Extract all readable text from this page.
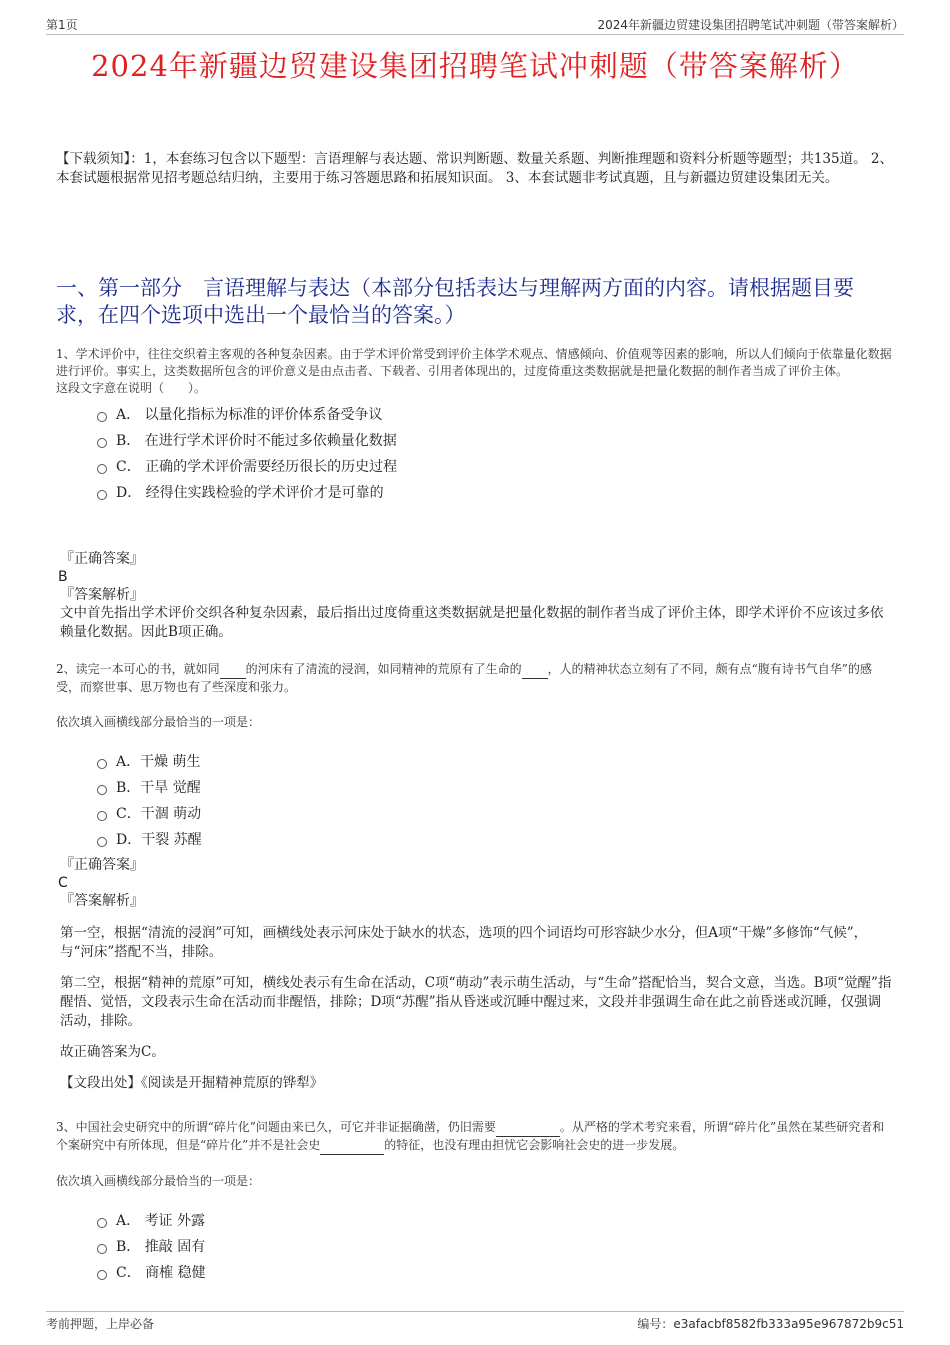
第1页	2024年新疆边贸建设集团招聘笔试冲刺题（带答案解析）
2024年新疆边贸建设集团招聘笔试冲刺题（带答案解析）
【下载须知】：1，本套练习包含以下题型：言语理解与表达题、常识判断题、数量关系题、判断推理题和资料分析题等题型；共135道。 2、本套试题根据常见招考题总结归纳，主要用于练习答题思路和拓展知识面。 3、本套试题非考试真题，且与新疆边贸建设集团无关。
一、第一部分　言语理解与表达（本部分包括表达与理解两方面的内容。请根据题目要求，在四个选项中选出一个最恰当的答案。）
1、学术评价中，往往交织着主客观的各种复杂因素。由于学术评价常受到评价主体学术观点、情感倾向、价值观等因素的影响，所以人们倾向于依靠量化数据进行评价。事实上，这类数据所包含的评价意义是由点击者、下载者、引用者体现出的，过度倚重这类数据就是把量化数据的制作者当成了评价主体。
这段文字意在说明（　　）。
A． 以量化指标为标准的评价体系备受争议
B． 在进行学术评价时不能过多依赖量化数据
C． 正确的学术评价需要经历很长的历史过程
D． 经得住实践检验的学术评价才是可靠的
『正确答案』
B
『答案解析』
文中首先指出学术评价交织各种复杂因素，最后指出过度倚重这类数据就是把量化数据的制作者当成了评价主体，即学术评价不应该过多依赖量化数据。因此B项正确。
2、读完一本可心的书，就如同 的河床有了清流的浸润，如同精神的荒原有了生命的 ，人的精神状态立刻有了不同，颇有点“腹有诗书气自华”的感受，而察世事、思万物也有了些深度和张力。
依次填入画横线部分最恰当的一项是：
A．干燥 萌生
B．干旱 觉醒
C．干涸 萌动
D．干裂 苏醒
『正确答案』
C
『答案解析』
第一空，根据“清流的浸润”可知，画横线处表示河床处于缺水的状态，选项的四个词语均可形容缺少水分，但A项“干燥”多修饰“气候”，与“河床”搭配不当，排除。
第二空，根据“精神的荒原”可知，横线处表示有生命在活动，C项“萌动”表示萌生活动，与“生命”搭配恰当，契合文意，当选。B项“觉醒”指醒悟、觉悟，文段表示生命在活动而非醒悟，排除；D项“苏醒”指从昏迷或沉睡中醒过来，文段并非强调生命在此之前昏迷或沉睡，仅强调活动，排除。
故正确答案为C。
【文段出处】《阅读是开掘精神荒原的铧犁》
3、中国社会史研究中的所谓“碎片化”问题由来已久，可它并非证据确凿，仍旧需要	。从严格的学术考究来看，所谓“碎片化”虽然在某些研究者和个案研究中有所体现，但是“碎片化”并不是社会史	的特征，也没有理由担忧它会影响社会史的进一步发展。
依次填入画横线部分最恰当的一项是：
A． 考证 外露
B． 推敲 固有
C． 商榷 稳健
考前押题，上岸必备	编号：e3afacbf8582fb333a95e967872b9c51
